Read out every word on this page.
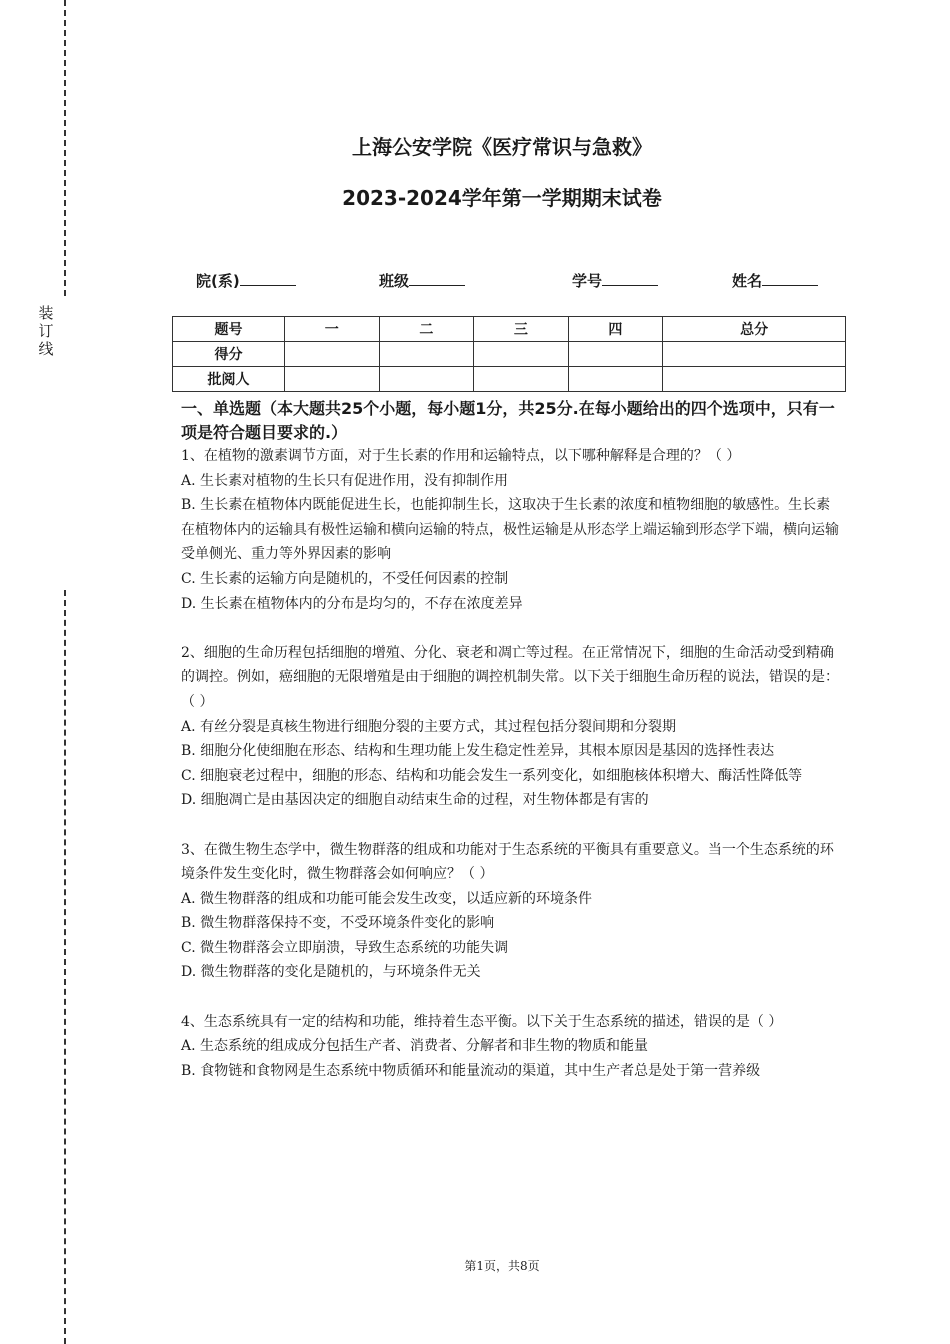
装
订
线
上海公安学院《医疗常识与急救》
2023-2024学年第一学期期末试卷
院(系)	班级	学号	姓名
题号	一	二	三	四	总分
得分					
批阅人					
一、单选题（本大题共25个小题，每小题1分，共25分.在每小题给出的四个选项中，只有一项是符合题目要求的.）

1、在植物的激素调节方面，对于生长素的作用和运输特点，以下哪种解释是合理的？（ ）

A. 生长素对植物的生长只有促进作用，没有抑制作用

B. 生长素在植物体内既能促进生长，也能抑制生长，这取决于生长素的浓度和植物细胞的敏感性。生长素在植物体内的运输具有极性运输和横向运输的特点，极性运输是从形态学上端运输到形态学下端，横向运输受单侧光、重力等外界因素的影响

C. 生长素的运输方向是随机的，不受任何因素的控制

D. 生长素在植物体内的分布是均匀的，不存在浓度差异

2、细胞的生命历程包括细胞的增殖、分化、衰老和凋亡等过程。在正常情况下，细胞的生命活动受到精确的调控。例如，癌细胞的无限增殖是由于细胞的调控机制失常。以下关于细胞生命历程的说法，错误的是：（ ）

A. 有丝分裂是真核生物进行细胞分裂的主要方式，其过程包括分裂间期和分裂期

B. 细胞分化使细胞在形态、结构和生理功能上发生稳定性差异，其根本原因是基因的选择性表达

C. 细胞衰老过程中，细胞的形态、结构和功能会发生一系列变化，如细胞核体积增大、酶活性降低等

D. 细胞凋亡是由基因决定的细胞自动结束生命的过程，对生物体都是有害的

3、在微生物生态学中，微生物群落的组成和功能对于生态系统的平衡具有重要意义。当一个生态系统的环境条件发生变化时，微生物群落会如何响应？（ ）

A. 微生物群落的组成和功能可能会发生改变，以适应新的环境条件

B. 微生物群落保持不变，不受环境条件变化的影响

C. 微生物群落会立即崩溃，导致生态系统的功能失调

D. 微生物群落的变化是随机的，与环境条件无关

4、生态系统具有一定的结构和功能，维持着生态平衡。以下关于生态系统的描述，错误的是（ ）

A. 生态系统的组成成分包括生产者、消费者、分解者和非生物的物质和能量

B. 食物链和食物网是生态系统中物质循环和能量流动的渠道，其中生产者总是处于第一营养级

第1页，共8页
